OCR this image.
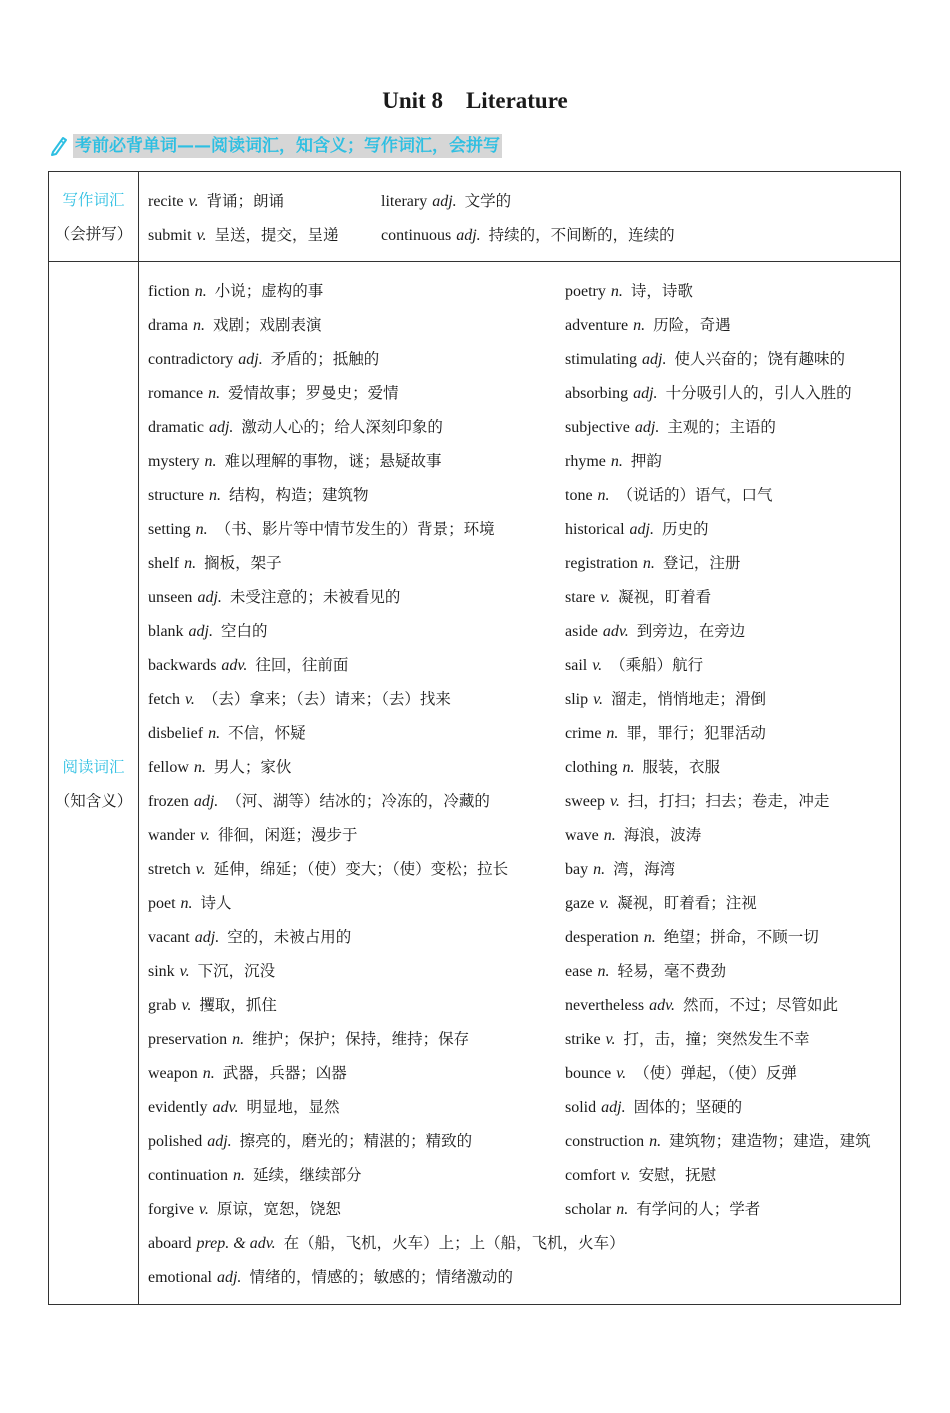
Unit 8    Literature
考前必背单词——阅读词汇，知含义；写作词汇，会拼写
写作词汇
（会拼写）
阅读词汇
（知含义）
recite v. 背诵；朗诵
submit v. 呈送，提交，呈递
literary adj. 文学的
continuous adj. 持续的，不间断的，连续的
fiction n. 小说；虚构的事
drama n. 戏剧；戏剧表演
contradictory adj. 矛盾的；抵触的
romance n. 爱情故事；罗曼史；爱情
dramatic adj. 激动人心的；给人深刻印象的
mystery n. 难以理解的事物，谜；悬疑故事
structure n. 结构，构造；建筑物
setting n. （书、影片等中情节发生的）背景；环境
shelf n. 搁板，架子
unseen adj. 未受注意的；未被看见的
blank adj. 空白的
backwards adv. 往回，往前面
fetch v. （去）拿来；（去）请来；（去）找来
disbelief n. 不信，怀疑
fellow n. 男人；家伙
frozen adj. （河、湖等）结冰的；冷冻的，冷藏的
wander v. 徘徊，闲逛；漫步于
stretch v. 延伸，绵延；（使）变大；（使）变松；拉长
poet n. 诗人
vacant adj. 空的，未被占用的
sink v. 下沉，沉没
grab v. 攫取，抓住
preservation n. 维护；保护；保持，维持；保存
weapon n. 武器，兵器；凶器
evidently adv. 明显地，显然
polished adj. 擦亮的，磨光的；精湛的；精致的
continuation n. 延续，继续部分
forgive v. 原谅，宽恕，饶恕
aboard prep. & adv. 在（船，飞机，火车）上；上（船，飞机，火车）
emotional adj. 情绪的，情感的；敏感的；情绪激动的
poetry n. 诗，诗歌
adventure n. 历险，奇遇
stimulating adj. 使人兴奋的；饶有趣味的
absorbing adj. 十分吸引人的，引人入胜的
subjective adj. 主观的；主语的
rhyme n. 押韵
tone n. （说话的）语气，口气
historical adj. 历史的
registration n. 登记，注册
stare v. 凝视，盯着看
aside adv. 到旁边，在旁边
sail v. （乘船）航行
slip v. 溜走，悄悄地走；滑倒
crime n. 罪，罪行；犯罪活动
clothing n. 服装，衣服
sweep v. 扫，打扫；扫去；卷走，冲走
wave n. 海浪，波涛
bay n. 湾，海湾
gaze v. 凝视，盯着看；注视
desperation n. 绝望；拼命，不顾一切
ease n. 轻易，毫不费劲
nevertheless adv. 然而，不过；尽管如此
strike v. 打，击，撞；突然发生不幸
bounce v. （使）弹起，（使）反弹
solid adj. 固体的；坚硬的
construction n. 建筑物；建造物；建造，建筑
comfort v. 安慰，抚慰
scholar n. 有学问的人；学者
